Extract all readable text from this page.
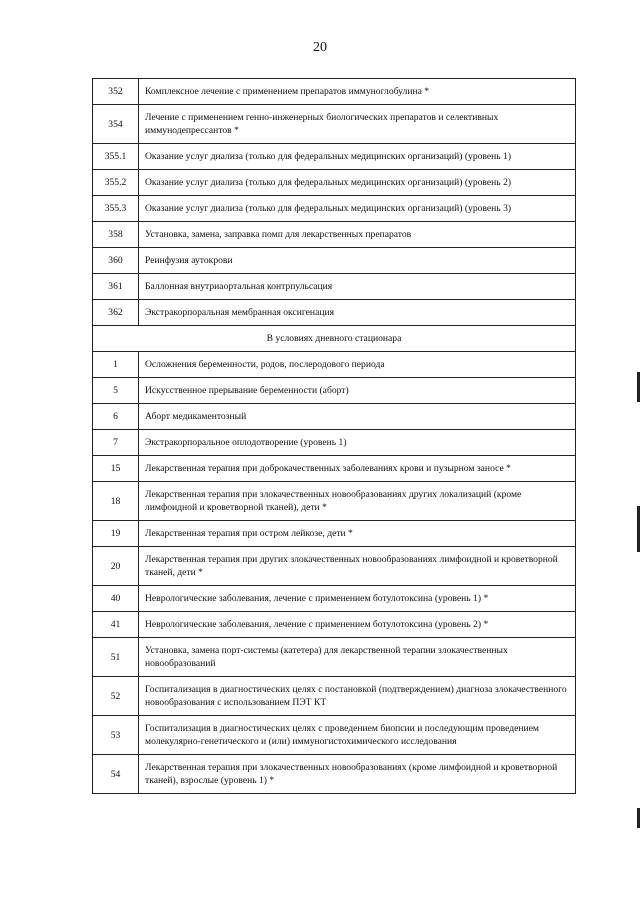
20
352	Комплексное лечение с применением препаратов иммуноглобулина *
354	Лечение с применением генно-инженерных биологических препаратов и селективных иммунодепрессантов *
355.1	Оказание услуг диализа (только для федеральных медицинских организаций) (уровень 1)
355.2	Оказание услуг диализа (только для федеральных медицинских организаций) (уровень 2)
355.3	Оказание услуг диализа (только для федеральных медицинских организаций) (уровень 3)
358	Установка, замена, заправка помп для лекарственных препаратов
360	Реинфузия аутокрови
361	Баллонная внутриаортальная контрпульсация
362	Экстракорпоральная мембранная оксигенация
В условиях дневного стационара	
1	Осложнения беременности, родов, послеродового периода
5	Искусственное прерывание беременности (аборт)
6	Аборт медикаментозный
7	Экстракорпоральное оплодотворение (уровень 1)
15	Лекарственная терапия при доброкачественных заболеваниях крови и пузырном заносе *
18	Лекарственная терапия при злокачественных новообразованиях других локализаций (кроме лимфоидной и кроветворной тканей), дети *
19	Лекарственная терапия при остром лейкозе, дети *
20	Лекарственная терапия при других злокачественных новообразованиях лимфоидной и кроветворной тканей, дети *
40	Неврологические заболевания, лечение с применением ботулотоксина (уровень 1) *
41	Неврологические заболевания, лечение с применением ботулотоксина (уровень 2) *
51	Установка, замена порт-системы (катетера) для лекарственной терапии злокачественных новообразований
52	Госпитализация в диагностических целях с постановкой (подтверждением) диагноза злокачественного новообразования с использованием ПЭТ КТ
53	Госпитализация в диагностических целях с проведением биопсии и последующим проведением молекулярно-генетического и (или) иммуногистохимического исследования
54	Лекарственная терапия при злокачественных новообразованиях (кроме лимфоидной и кроветворной тканей), взрослые (уровень 1) *
